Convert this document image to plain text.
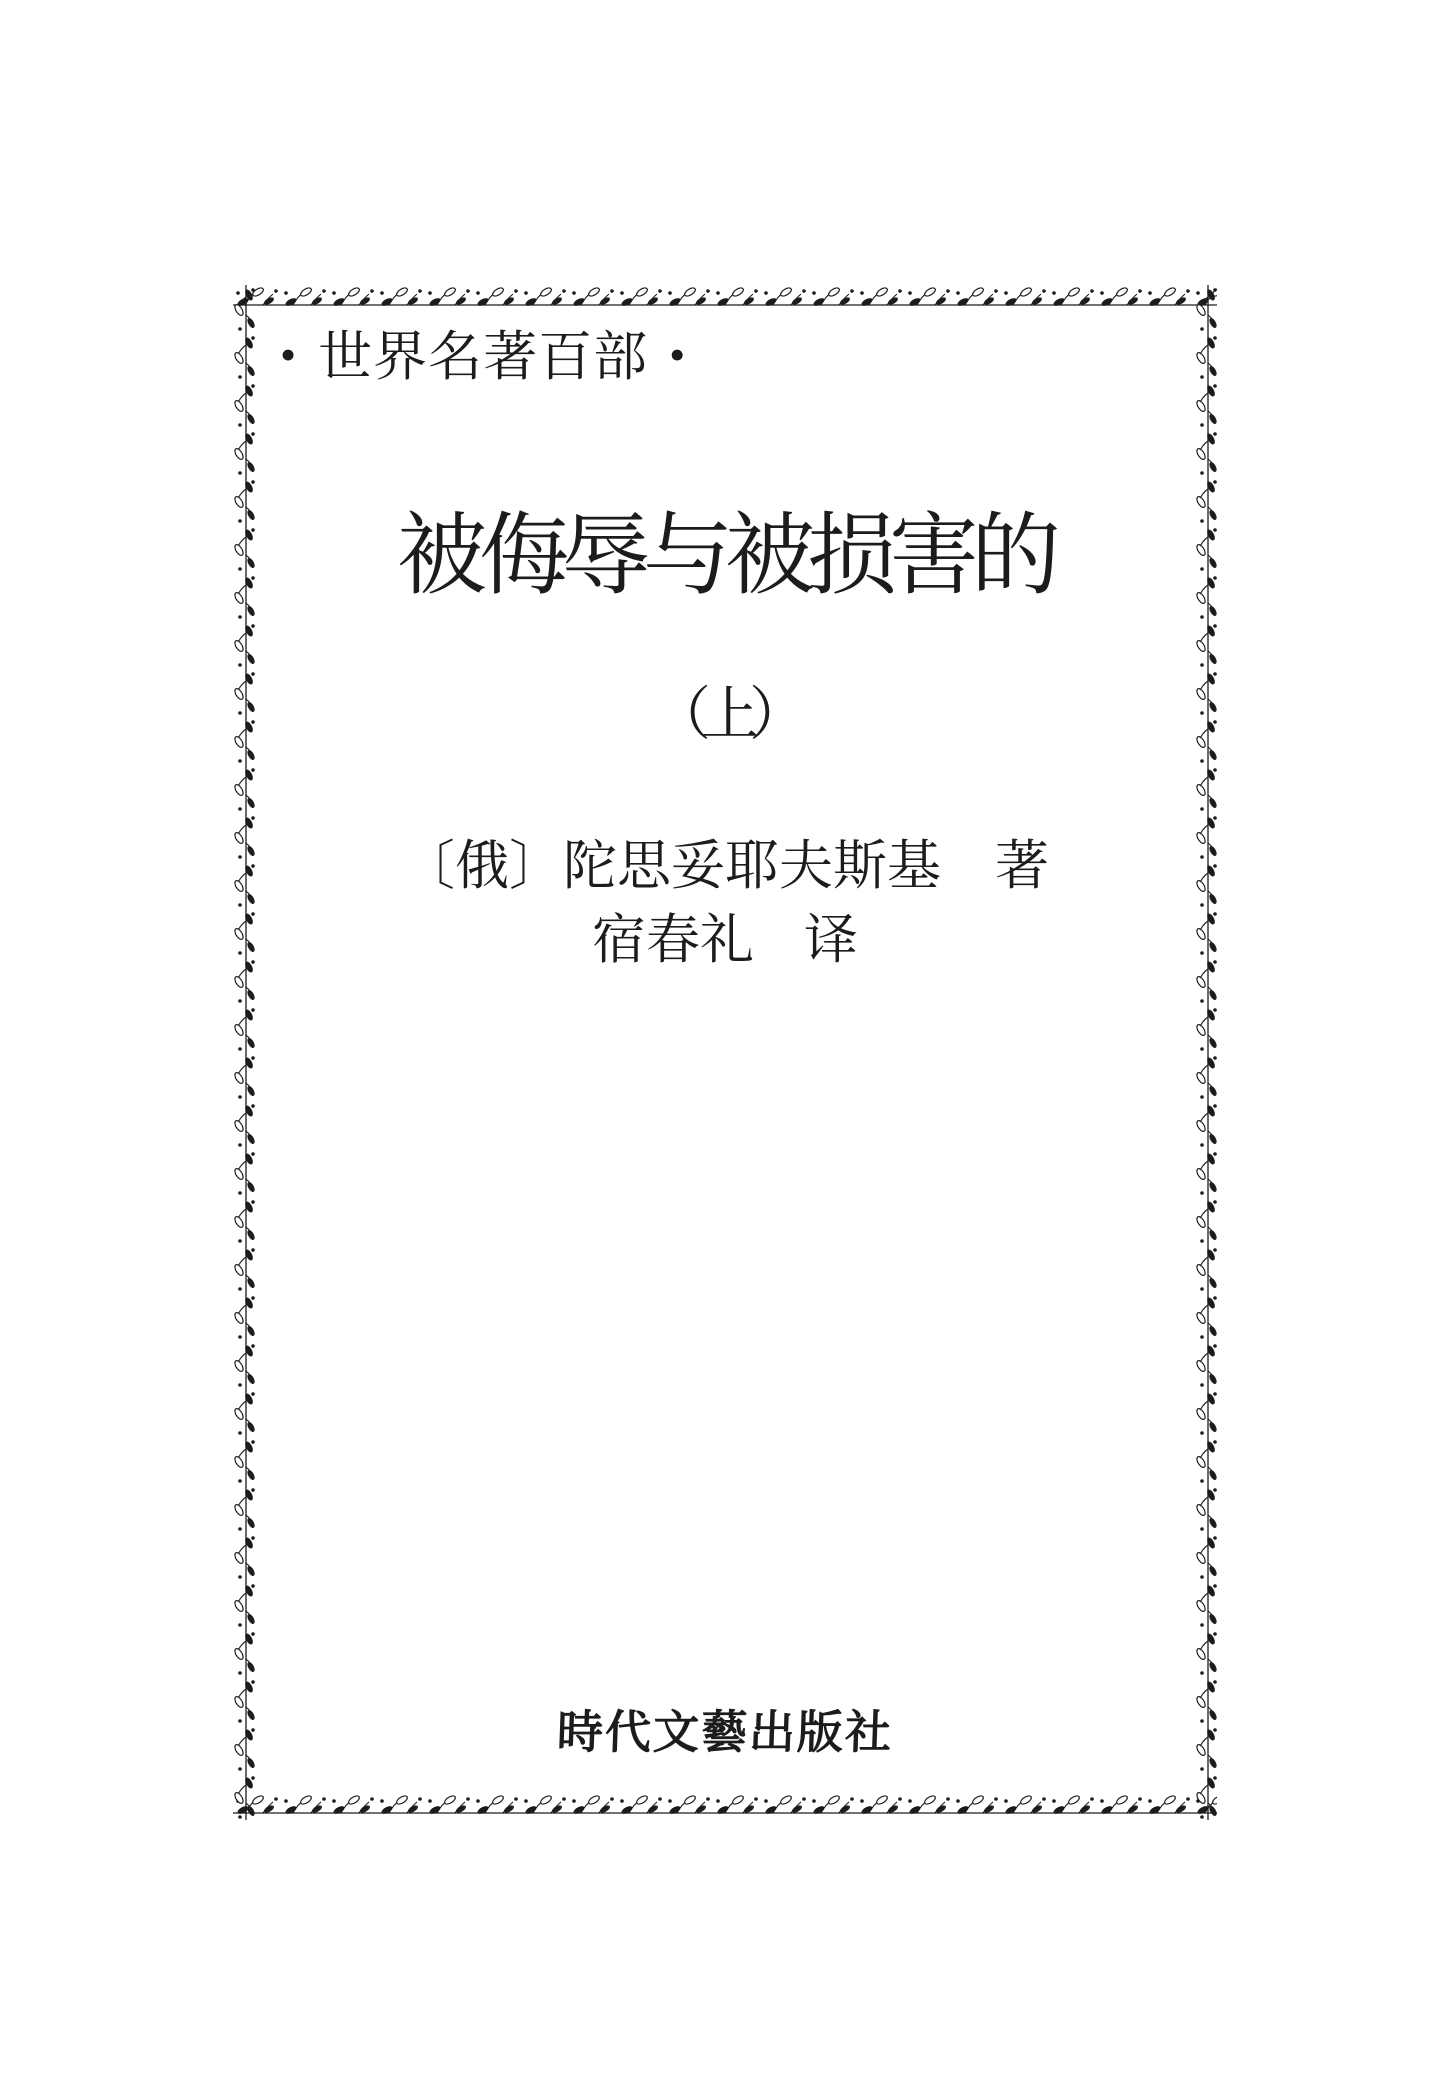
• 世界名著百部 •
被侮辱与被损害的
（上）
〔俄〕陀思妥耶夫斯基 著
宿春礼 译
時代文藝出版社
